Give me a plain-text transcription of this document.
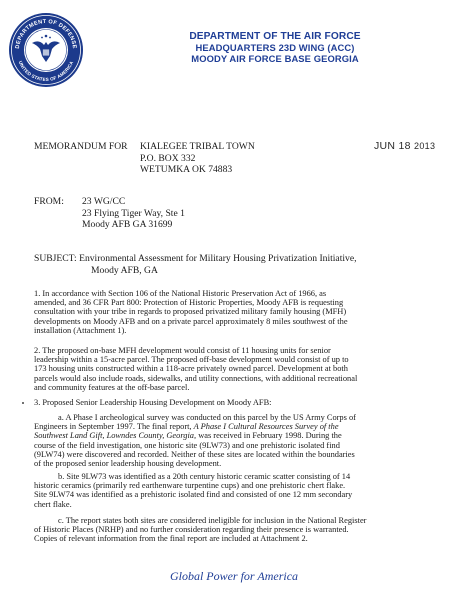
DEPARTMENT OF DEFENSE
UNITED STATES OF AMERICA
DEPARTMENT OF THE AIR FORCE
HEADQUARTERS 23D WING (ACC)
MOODY AIR FORCE BASE GEORGIA
MEMORANDUM FOR KIALEGEE TRIBAL TOWN
P.O. BOX 332
WETUMKA OK 74883
JUN 18 2013
FROM: 23 WG/CC
23 Flying Tiger Way, Ste 1
Moody AFB GA 31699
SUBJECT: Environmental Assessment for Military Housing Privatization Initiative,
Moody AFB, GA
1. In accordance with Section 106 of the National Historic Preservation Act of 1966, as
amended, and 36 CFR Part 800: Protection of Historic Properties, Moody AFB is requesting
consultation with your tribe in regards to proposed privatized military family housing (MFH)
developments on Moody AFB and on a private parcel approximately 8 miles southwest of the
installation (Attachment 1).
2. The proposed on-base MFH development would consist of 11 housing units for senior
leadership within a 15-acre parcel. The proposed off-base development would consist of up to
173 housing units constructed within a 118-acre privately owned parcel. Development at both
parcels would also include roads, sidewalks, and utility connections, with additional recreational
and community features at the off-base parcel.
3. Proposed Senior Leadership Housing Development on Moody AFB:
a. A Phase I archeological survey was conducted on this parcel by the US Army Corps of
Engineers in September 1997. The final report, A Phase I Cultural Resources Survey of the
Southwest Land Gift, Lowndes County, Georgia, was received in February 1998. During the
course of the field investigation, one historic site (9LW73) and one prehistoric isolated find
(9LW74) were discovered and recorded. Neither of these sites are located within the boundaries
of the proposed senior leadership housing development.
b. Site 9LW73 was identified as a 20th century historic ceramic scatter consisting of 14
historic ceramics (primarily red earthenware turpentine cups) and one prehistoric chert flake.
Site 9LW74 was identified as a prehistoric isolated find and consisted of one 12 mm secondary
chert flake.
c. The report states both sites are considered ineligible for inclusion in the National Register
of Historic Places (NRHP) and no further consideration regarding their presence is warranted.
Copies of relevant information from the final report are included at Attachment 2.
Global Power for America
